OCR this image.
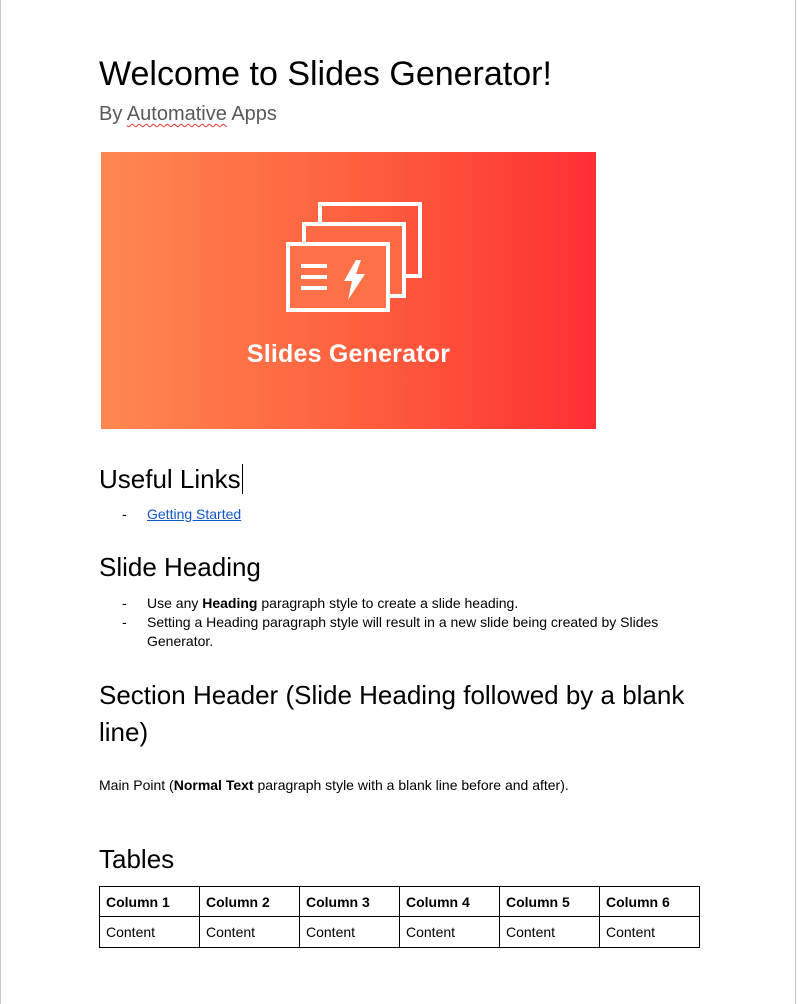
Welcome to Slides Generator!
By Automative Apps
Slides Generator
Useful Links
- Getting Started
Slide Heading
- Use any Heading paragraph style to create a slide heading.
- Setting a Heading paragraph style will result in a new slide being created by Slides Generator.
Section Header (Slide Heading followed by a blank
line)
Main Point (Normal Text paragraph style with a blank line before and after).
Tables
Column 1	Column 2	Column 3	Column 4	Column 5	Column 6
Content	Content	Content	Content	Content	Content
